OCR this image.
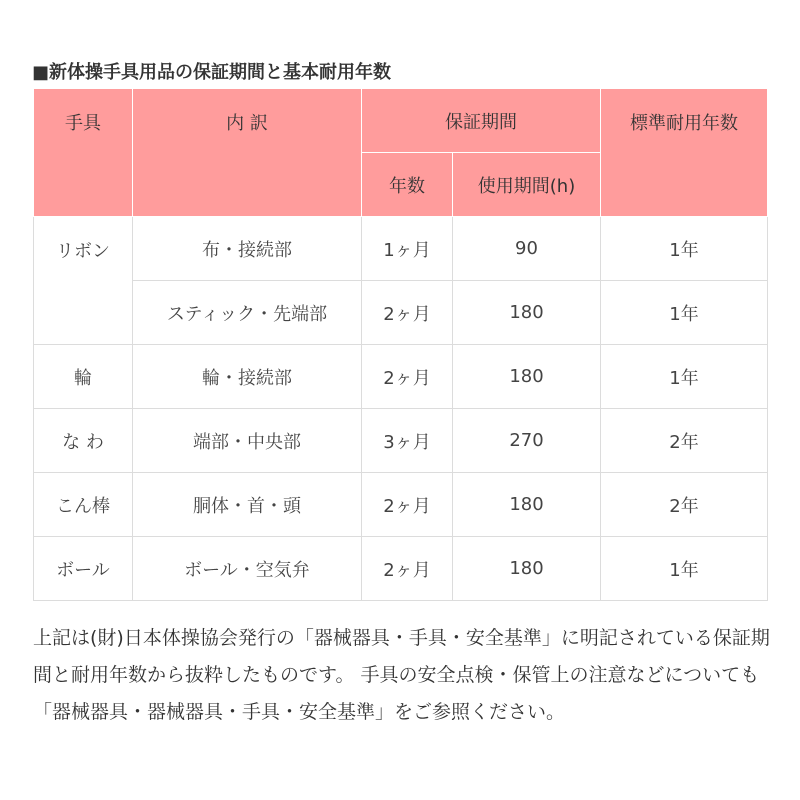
■新体操手具用品の保証期間と基本耐用年数
手具	内 訳	保証期間		標準耐用年数
		年数	使用期間(h)	
リボン	布・接続部	1ヶ月	90	1年
	スティック・先端部	2ヶ月	180	1年
輪	輪・接続部	2ヶ月	180	1年
な わ	端部・中央部	3ヶ月	270	2年
こん棒	胴体・首・頭	2ヶ月	180	2年
ボール	ボール・空気弁	2ヶ月	180	1年
上記は(財)日本体操協会発行の「器械器具・手具・安全基準」に明記されている保証期間と耐用年数から抜粋したものです。 手具の安全点検・保管上の注意などについても「器械器具・器械器具・手具・安全基準」をご参照ください。
